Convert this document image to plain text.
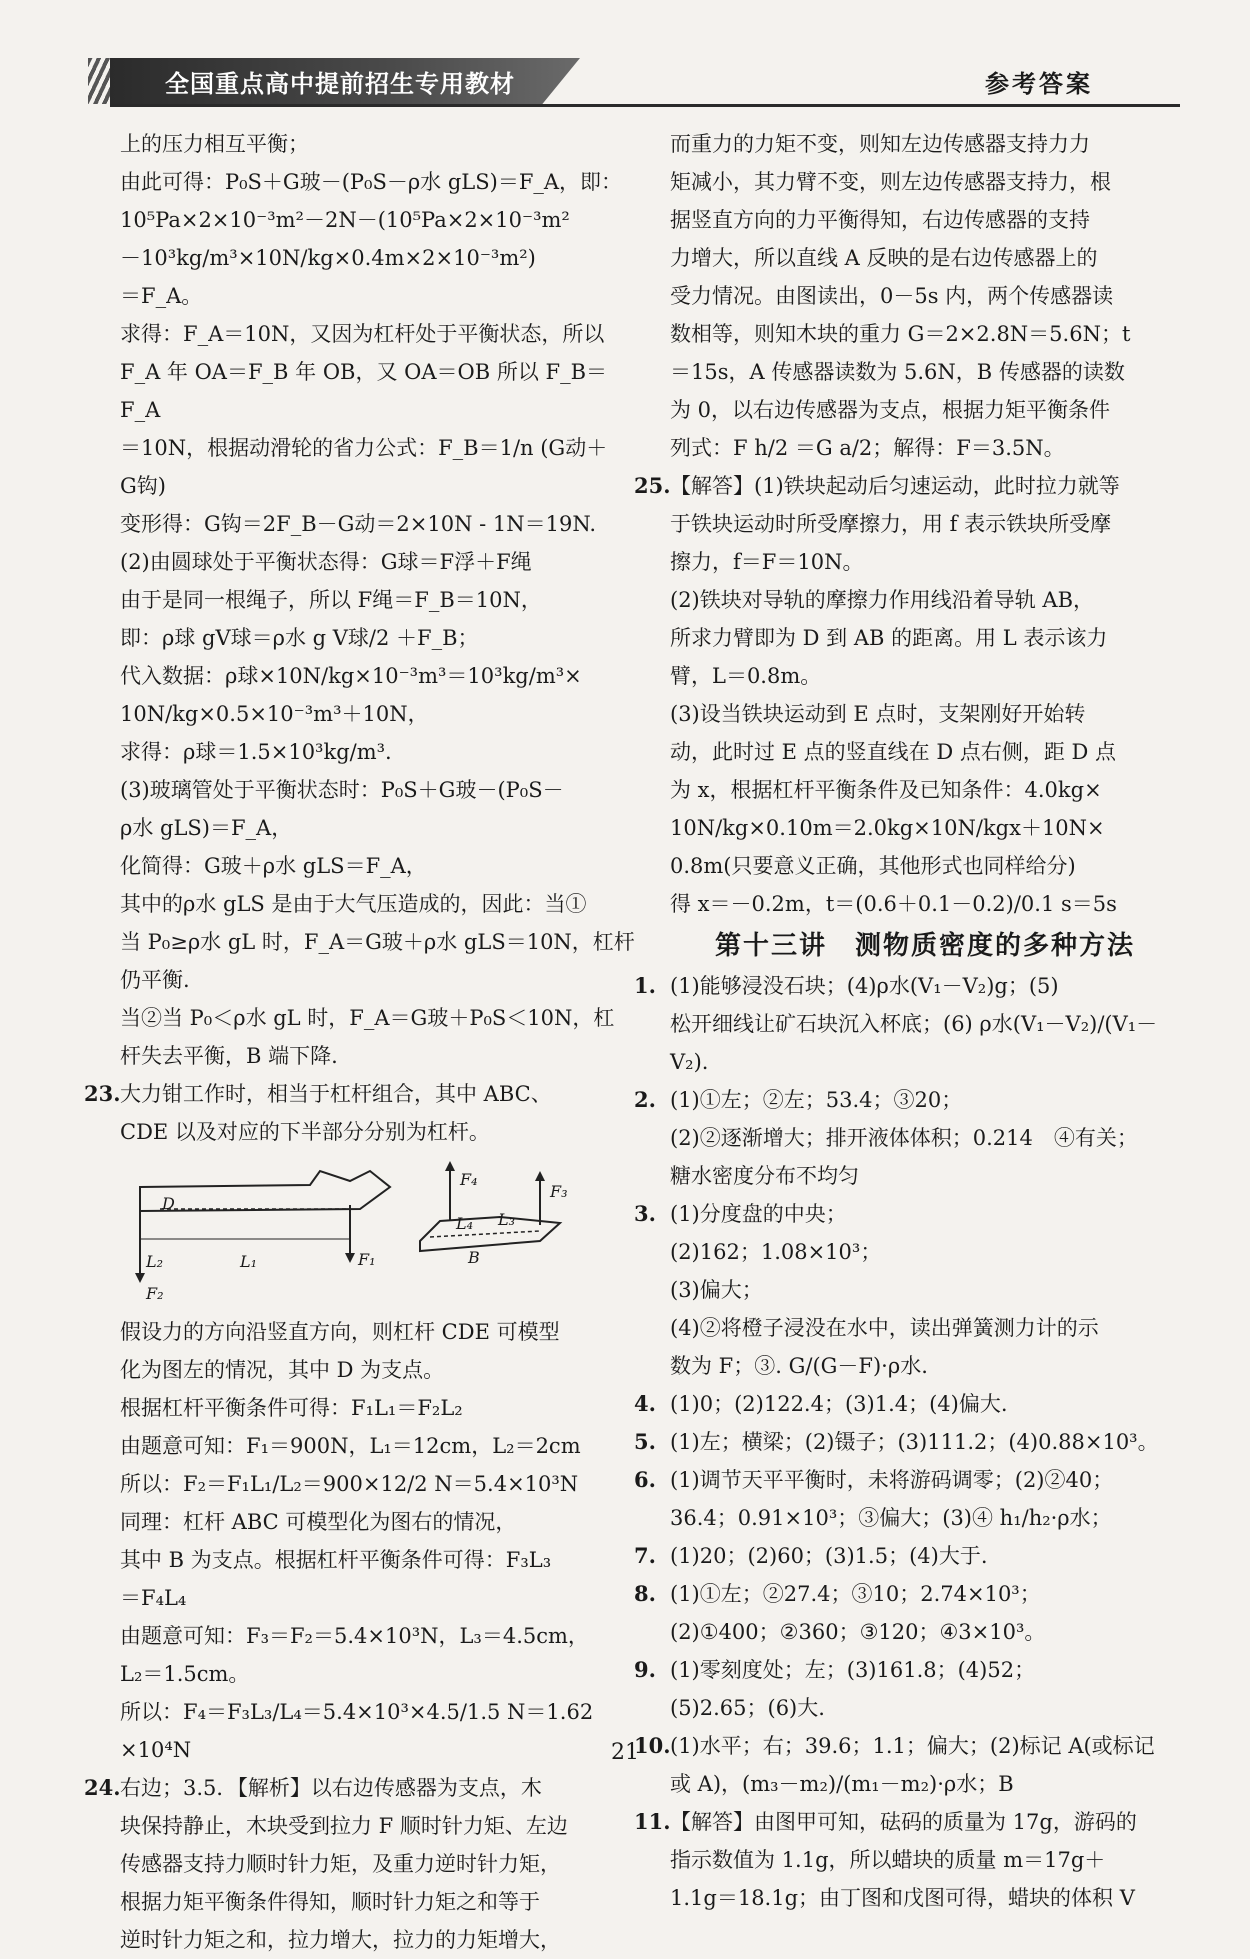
全国重点高中提前招生专用教材	参考答案

上的压力相互平衡；

由此可得：P₀S＋G玻－(P₀S－ρ水 gLS)＝F_A，即：

10⁵Pa×2×10⁻³m²－2N－(10⁵Pa×2×10⁻³m²

－10³kg/m³×10N/kg×0.4m×2×10⁻³m²)

＝F_A。

求得：F_A＝10N，又因为杠杆处于平衡状态，所以

F_A 年 OA＝F_B 年 OB，又 OA＝OB 所以 F_B＝F_A

＝10N，根据动滑轮的省力公式：F_B＝1/n (G动＋

G钩)

变形得：G钩＝2F_B－G动＝2×10N - 1N＝19N.

(2)由圆球处于平衡状态得：G球＝F浮＋F绳

由于是同一根绳子，所以 F绳＝F_B＝10N，

即：ρ球 gV球＝ρ水 g V球/2 ＋F_B；

代入数据：ρ球×10N/kg×10⁻³m³＝10³kg/m³×

10N/kg×0.5×10⁻³m³＋10N，

求得：ρ球＝1.5×10³kg/m³.

(3)玻璃管处于平衡状态时：P₀S＋G玻－(P₀S－

ρ水 gLS)＝F_A，

化简得：G玻＋ρ水 gLS＝F_A，

其中的ρ水 gLS 是由于大气压造成的，因此：当①

当 P₀≥ρ水 gL 时，F_A＝G玻＋ρ水 gLS＝10N，杠杆

仍平衡.

当②当 P₀＜ρ水 gL 时，F_A＝G玻＋P₀S＜10N，杠

杆失去平衡，B 端下降.

23.大力钳工作时，相当于杠杆组合，其中 ABC、

CDE 以及对应的下半部分分别为杠杆。

D
L₂	L₁	F₁
F₂
F₄
F₃
L₄ L₃
B

假设力的方向沿竖直方向，则杠杆 CDE 可模型

化为图左的情况，其中 D 为支点。

根据杠杆平衡条件可得：F₁L₁＝F₂L₂

由题意可知：F₁＝900N，L₁＝12cm，L₂＝2cm

所以：F₂＝F₁L₁/L₂＝900×12/2 N＝5.4×10³N

同理：杠杆 ABC 可模型化为图右的情况，

其中 B 为支点。根据杠杆平衡条件可得：F₃L₃

＝F₄L₄

由题意可知：F₃＝F₂＝5.4×10³N，L₃＝4.5cm，

L₂＝1.5cm。

所以：F₄＝F₃L₃/L₄＝5.4×10³×4.5/1.5 N＝1.62

×10⁴N

24.右边；3.5．【解析】以右边传感器为支点，木

块保持静止，木块受到拉力 F 顺时针力矩、左边

传感器支持力顺时针力矩，及重力逆时针力矩，

根据力矩平衡条件得知，顺时针力矩之和等于

逆时针力矩之和，拉力增大，拉力的力矩增大，

而重力的力矩不变，则知左边传感器支持力力

矩减小，其力臂不变，则左边传感器支持力，根

据竖直方向的力平衡得知，右边传感器的支持

力增大，所以直线 A 反映的是右边传感器上的

受力情况。由图读出，0－5s 内，两个传感器读

数相等，则知木块的重力 G＝2×2.8N＝5.6N；t

＝15s，A 传感器读数为 5.6N，B 传感器的读数

为 0，以右边传感器为支点，根据力矩平衡条件

列式：F h/2 ＝G a/2；解得：F＝3.5N。

25.【解答】(1)铁块起动后匀速运动，此时拉力就等

于铁块运动时所受摩擦力，用 f 表示铁块所受摩

擦力，f＝F＝10N。

(2)铁块对导轨的摩擦力作用线沿着导轨 AB，

所求力臂即为 D 到 AB 的距离。用 L 表示该力

臂，L＝0.8m。

(3)设当铁块运动到 E 点时，支架刚好开始转

动，此时过 E 点的竖直线在 D 点右侧，距 D 点

为 x，根据杠杆平衡条件及已知条件：4.0kg×

10N/kg×0.10m＝2.0kg×10N/kgx＋10N×

0.8m(只要意义正确，其他形式也同样给分)

得 x＝－0.2m，t＝(0.6＋0.1－0.2)/0.1 s＝5s

第十三讲　测物质密度的多种方法

1. (1)能够浸没石块；(4)ρ水(V₁－V₂)g；(5)

松开细线让矿石块沉入杯底；(6) ρ水(V₁－V₂)/(V₁－V₂).

2. (1)①左；②左；53.4；③20；

(2)②逐渐增大；排开液体体积；0.214　④有关；

糖水密度分布不均匀

3. (1)分度盘的中央；

(2)162；1.08×10³；

(3)偏大；

(4)②将橙子浸没在水中，读出弹簧测力计的示

数为 F；③. G/(G－F)·ρ水.

4. (1)0；(2)122.4；(3)1.4；(4)偏大.

5. (1)左；横梁；(2)镊子；(3)111.2；(4)0.88×10³。

6. (1)调节天平平衡时，未将游码调零；(2)②40；

36.4；0.91×10³；③偏大；(3)④ h₁/h₂·ρ水；

7. (1)20；(2)60；(3)1.5；(4)大于.

8. (1)①左；②27.4；③10；2.74×10³；

(2)①400；②360；③120；④3×10³。

9. (1)零刻度处；左；(3)161.8；(4)52；

(5)2.65；(6)大.

10.(1)水平；右；39.6；1.1；偏大；(2)标记 A(或标记

或 A)，(m₃－m₂)/(m₁－m₂)·ρ水；B

11.【解答】由图甲可知，砝码的质量为 17g，游码的

指示数值为 1.1g，所以蜡块的质量 m＝17g＋

1.1g＝18.1g；由丁图和戊图可得，蜡块的体积 V

21
